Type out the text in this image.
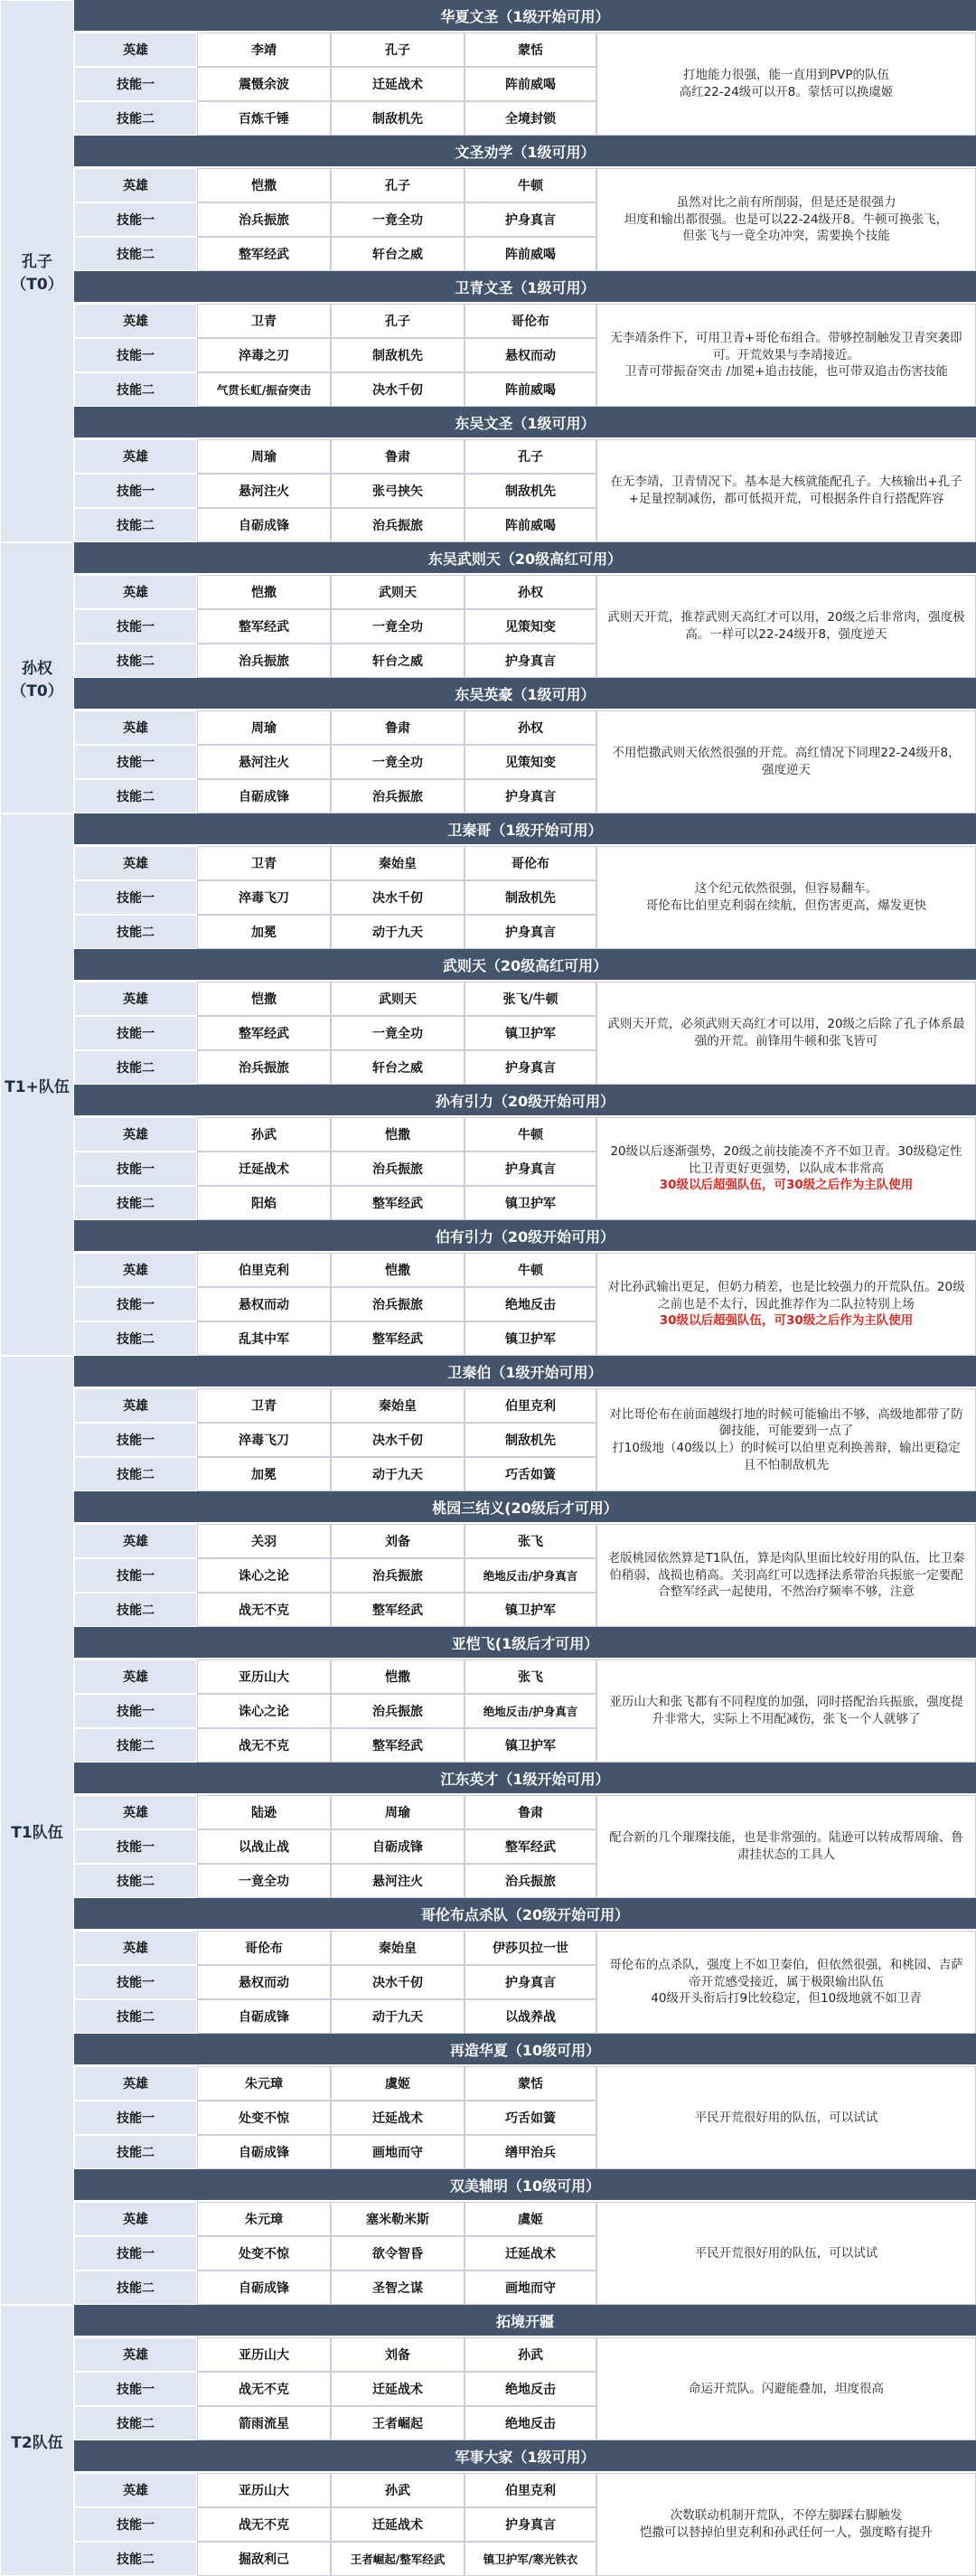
孔子（T0）
孙权（T0）
T1+队伍
T1队伍
T2队伍
华夏文圣（1级开始可用）
英雄	李靖	孔子	蒙恬
技能一	震慑余波	迁延战术	阵前威喝
技能二	百炼千锤	制敌机先	全境封锁
打地能力很强，能一直用到PVP的队伍
高红22-24级可以开8。蒙恬可以换虞姬
文圣劝学（1级可用）
英雄	恺撒	孔子	牛顿
技能一	治兵振旅	一竟全功	护身真言
技能二	整军经武	轩台之威	阵前威喝
虽然对比之前有所削弱，但是还是很强力
坦度和输出都很强。也是可以22-24级开8。牛顿可换张飞，
但张飞与一竟全功冲突，需要换个技能
卫青文圣（1级可用）
英雄	卫青	孔子	哥伦布
技能一	淬毒之刃	制敌机先	悬权而动
技能二	气贯长虹/振奋突击	决水千仞	阵前威喝
无李靖条件下，可用卫青+哥伦布组合。带够控制触发卫青突袭即可。开荒效果与李靖接近。
卫青可带振奋突击 /加冕+追击技能，也可带双追击伤害技能
东吴文圣（1级可用）
英雄	周瑜	鲁肃	孔子
技能一	悬河注火	张弓挟矢	制敌机先
技能二	自砺成锋	治兵振旅	阵前威喝
在无李靖，卫青情况下。基本是大核就能配孔子。大核输出+孔子+足量控制减伤，都可低损开荒，可根据条件自行搭配阵容
东吴武则天（20级高红可用）
英雄	恺撒	武则天	孙权
技能一	整军经武	一竟全功	见策知变
技能二	治兵振旅	轩台之威	护身真言
武则天开荒，推荐武则天高红才可以用，20级之后非常肉，强度极高。一样可以22-24级开8，强度逆天
东吴英豪（1级可用）
英雄	周瑜	鲁肃	孙权
技能一	悬河注火	一竟全功	见策知变
技能二	自砺成锋	治兵振旅	护身真言
不用恺撒武则天依然很强的开荒。高红情况下同理22-24级开8，强度逆天
卫秦哥（1级开始可用）
英雄	卫青	秦始皇	哥伦布
技能一	淬毒飞刀	决水千仞	制敌机先
技能二	加冕	动于九天	护身真言
这个纪元依然很强，但容易翻车。
哥伦布比伯里克利弱在续航，但伤害更高，爆发更快
武则天（20级高红可用）
英雄	恺撒	武则天	张飞/牛顿
技能一	整军经武	一竟全功	镇卫护军
技能二	治兵振旅	轩台之威	护身真言
武则天开荒，必须武则天高红才可以用，20级之后除了孔子体系最强的开荒。前锋用牛顿和张飞皆可
孙有引力（20级开始可用）
英雄	孙武	恺撒	牛顿
技能一	迁延战术	治兵振旅	护身真言
技能二	阳焰	整军经武	镇卫护军
20级以后逐渐强势，20级之前技能凑不齐不如卫青。30级稳定性比卫青更好更强势，以队成本非常高
30级以后超强队伍，可30级之后作为主队使用
伯有引力（20级开始可用）
英雄	伯里克利	恺撒	牛顿
技能一	悬权而动	治兵振旅	绝地反击
技能二	乱其中军	整军经武	镇卫护军
对比孙武输出更足，但奶力稍差，也是比较强力的开荒队伍。20级之前也是不太行，因此推荐作为二队拉特别上场
30级以后超强队伍，可30级之后作为主队使用
卫秦伯（1级开始可用）
英雄	卫青	秦始皇	伯里克利
技能一	淬毒飞刀	决水千仞	制敌机先
技能二	加冕	动于九天	巧舌如簧
对比哥伦布在前面越级打地的时候可能输出不够，高级地都带了防御技能，可能要到一点了
打10级地（40级以上）的时候可以伯里克利换善辩，输出更稳定且不怕制敌机先
桃园三结义(20级后才可用）
英雄	关羽	刘备	张飞
技能一	诛心之论	治兵振旅	绝地反击/护身真言
技能二	战无不克	整军经武	镇卫护军
老版桃园依然算是T1队伍，算是肉队里面比较好用的队伍，比卫秦伯稍弱，战损也稍高。关羽高红可以选择法系带治兵振旅一定要配合整军经武一起使用，不然治疗频率不够，注意
亚恺飞(1级后才可用）
英雄	亚历山大	恺撒	张飞
技能一	诛心之论	治兵振旅	绝地反击/护身真言
技能二	战无不克	整军经武	镇卫护军
亚历山大和张飞都有不同程度的加强，同时搭配治兵振旅，强度提升非常大，实际上不用配减伤，张飞一个人就够了
江东英才（1级开始可用）
英雄	陆逊	周瑜	鲁肃
技能一	以战止战	自砺成锋	整军经武
技能二	一竟全功	悬河注火	治兵振旅
配合新的几个璀璨技能，也是非常强的。陆逊可以转成帮周瑜、鲁肃挂状态的工具人
哥伦布点杀队（20级开始可用）
英雄	哥伦布	秦始皇	伊莎贝拉一世
技能一	悬权而动	决水千仞	护身真言
技能二	自砺成锋	动于九天	以战养战
哥伦布的点杀队，强度上不如卫秦伯，但依然很强，和桃园、吉萨帝开荒感受接近，属于极限输出队伍
40级开头衔后打9比较稳定，但10级地就不如卫青
再造华夏（10级可用）
英雄	朱元璋	虞姬	蒙恬
技能一	处变不惊	迁延战术	巧舌如簧
技能二	自砺成锋	画地而守	缮甲治兵
平民开荒很好用的队伍，可以试试
双美辅明（10级可用）
英雄	朱元璋	塞米勒米斯	虞姬
技能一	处变不惊	欲令智昏	迁延战术
技能二	自砺成锋	圣智之谋	画地而守
平民开荒很好用的队伍，可以试试
拓境开疆
英雄	亚历山大	刘备	孙武
技能一	战无不克	迁延战术	绝地反击
技能二	箭雨流星	王者崛起	绝地反击
命运开荒队。闪避能叠加，坦度很高
军事大家（1级可用）
英雄	亚历山大	孙武	伯里克利
技能一	战无不克	迁延战术	护身真言
技能二	掘敌利己	王者崛起/整军经武	镇卫护军/寒光铁衣
次数联动机制开荒队，不停左脚踩右脚触发
恺撒可以替掉伯里克利和孙武任何一人，强度略有提升
